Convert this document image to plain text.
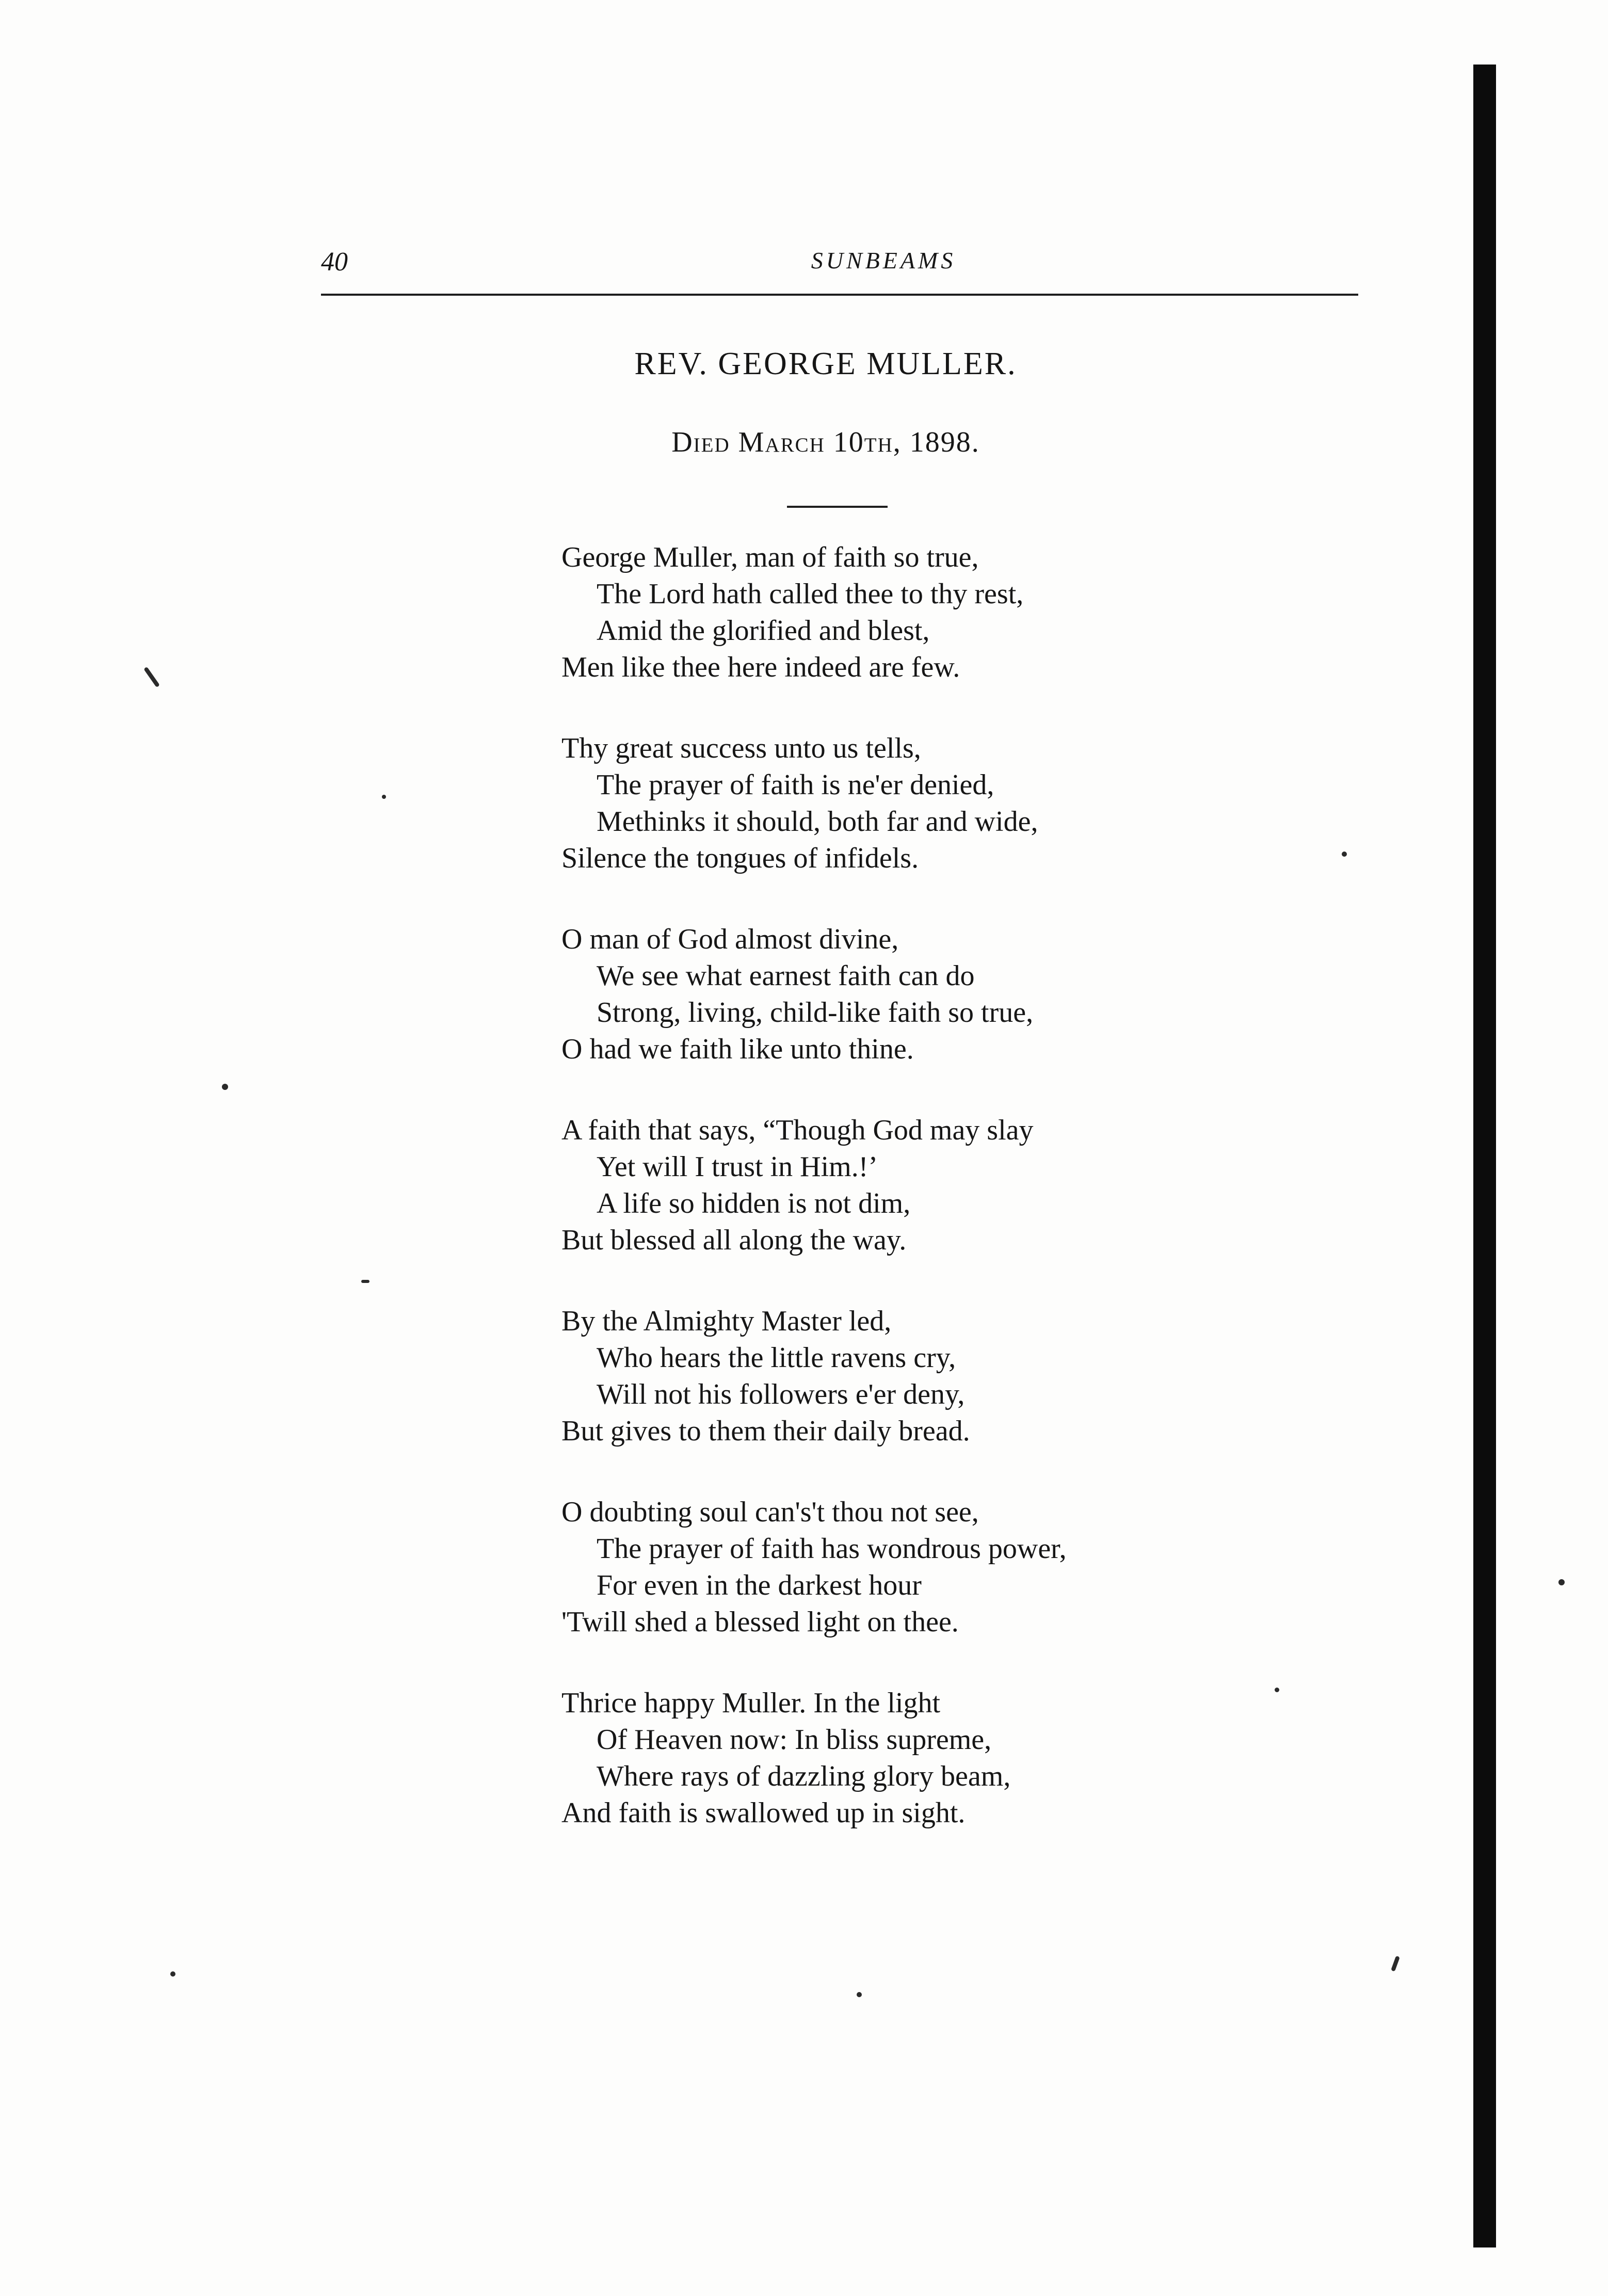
40	SUNBEAMS
REV. GEORGE MULLER.
Died March 10th, 1898.
George Muller, man of faith so true,
The Lord hath called thee to thy rest,
Amid the glorified and blest,
Men like thee here indeed are few.
Thy great success unto us tells,
The prayer of faith is ne'er denied,
Methinks it should, both far and wide,
Silence the tongues of infidels.
O man of God almost divine,
We see what earnest faith can do
Strong, living, child-like faith so true,
O had we faith like unto thine.
A faith that says, “Though God may slay
Yet will I trust in Him.!’
A life so hidden is not dim,
But blessed all along the way.
By the Almighty Master led,
Who hears the little ravens cry,
Will not his followers e'er deny,
But gives to them their daily bread.
O doubting soul can's't thou not see,
The prayer of faith has wondrous power,
For even in the darkest hour
'Twill shed a blessed light on thee.
Thrice happy Muller. In the light
Of Heaven now: In bliss supreme,
Where rays of dazzling glory beam,
And faith is swallowed up in sight.
